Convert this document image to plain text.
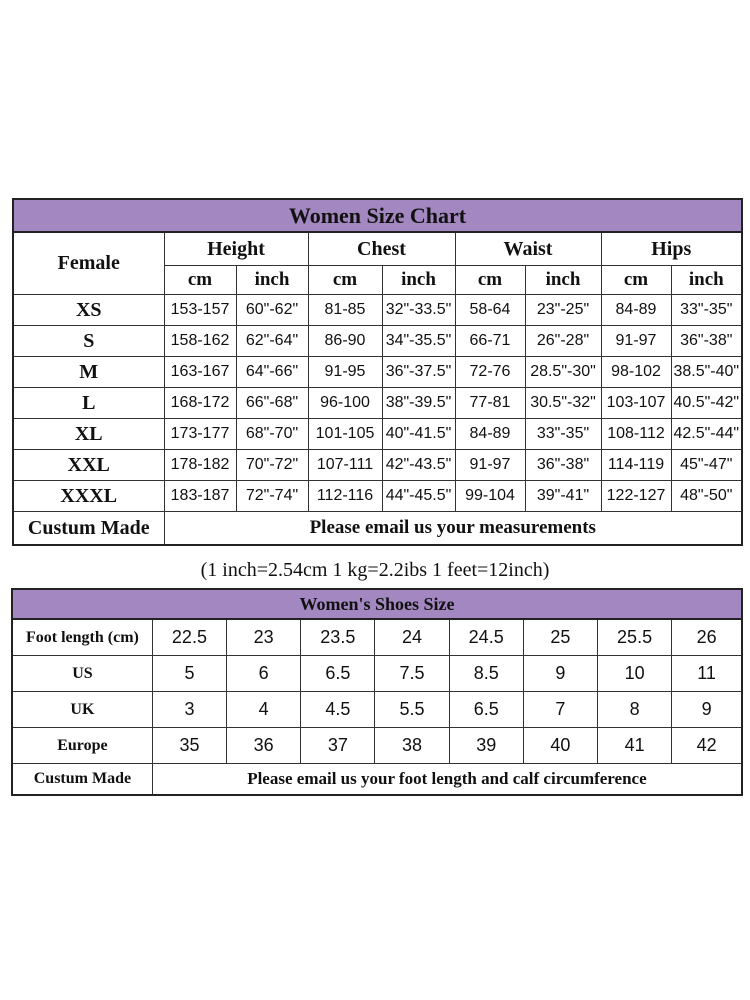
Women Size Chart								
Female	Height		Chest		Waist		Hips	
	cm	inch	cm	inch	cm	inch	cm	inch
XS	153-157	60"-62"	81-85	32"-33.5"	58-64	23"-25"	84-89	33"-35"
S	158-162	62"-64"	86-90	34"-35.5"	66-71	26"-28"	91-97	36"-38"
M	163-167	64"-66"	91-95	36"-37.5"	72-76	28.5"-30"	98-102	38.5"-40"
L	168-172	66"-68"	96-100	38"-39.5"	77-81	30.5"-32"	103-107	40.5"-42"
XL	173-177	68"-70"	101-105	40"-41.5"	84-89	33"-35"	108-112	42.5"-44"
XXL	178-182	70"-72"	107-111	42"-43.5"	91-97	36"-38"	114-119	45"-47"
XXXL	183-187	72"-74"	112-116	44"-45.5"	99-104	39"-41"	122-127	48"-50"
Custum Made	Please email us your measurements							
(1 inch=2.54cm 1 kg=2.2ibs 1 feet=12inch)
Women's Shoes Size								
Foot length (cm)	22.5	23	23.5	24	24.5	25	25.5	26
US	5	6	6.5	7.5	8.5	9	10	11
UK	3	4	4.5	5.5	6.5	7	8	9
Europe	35	36	37	38	39	40	41	42
Custum Made	Please email us your foot length and calf circumference							
